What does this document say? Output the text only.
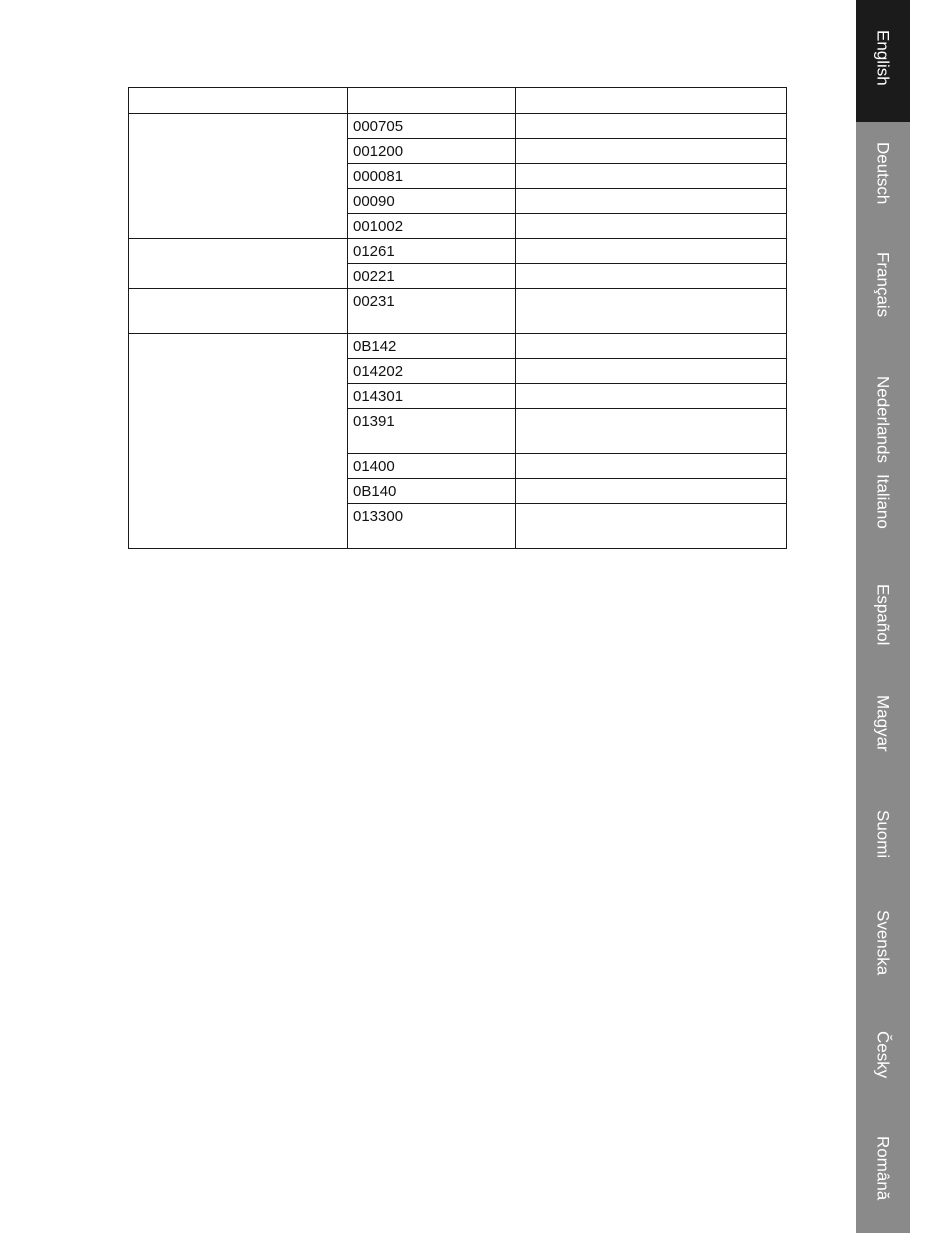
	000705	
	001200	
	000081	
	00090	
	001002	
	01261	
	00221	
	00231	
	0B142	
	014202	
	014301	
	01391	
	01400	
	0B140	
	013300	
English
Deutsch
Français
Nederlands
Italiano
Español
Magyar
Suomi
Svenska
Česky
Română
